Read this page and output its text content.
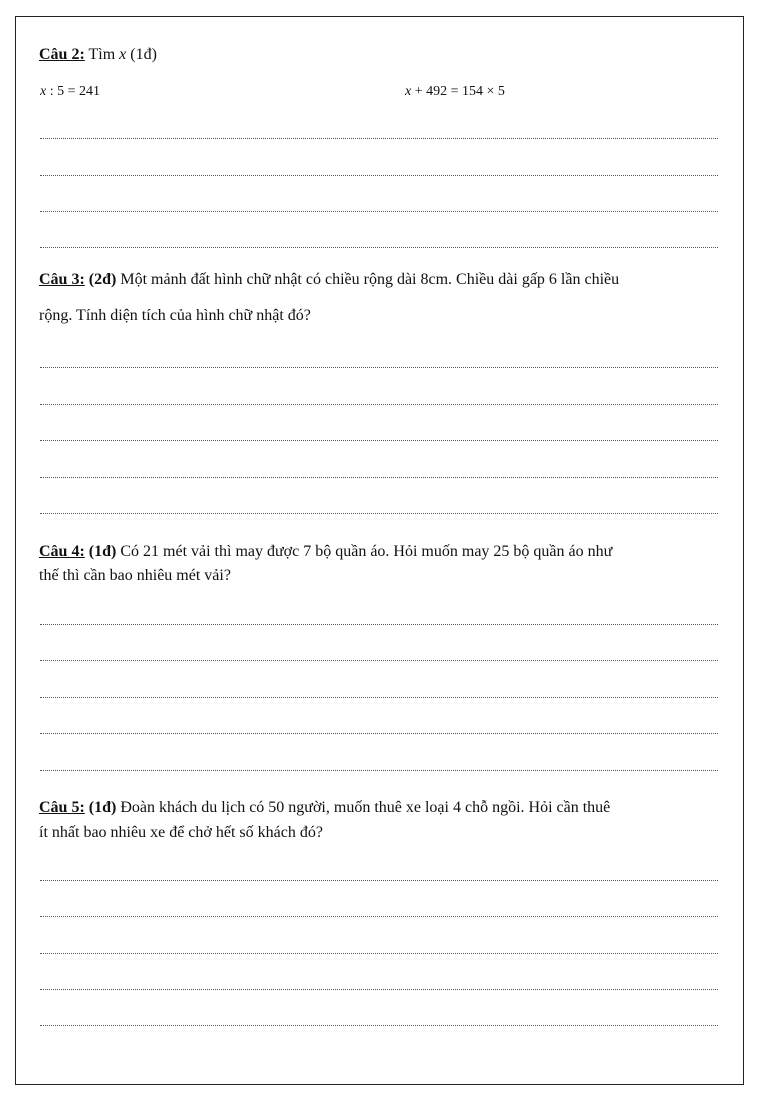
Câu 2: Tìm x (1đ)
x : 5 = 241	x + 492 = 154 × 5
Câu 3: (2đ) Một mảnh đất hình chữ nhật có chiều rộng dài 8cm. Chiều dài gấp 6 lần chiều
rộng. Tính diện tích của hình chữ nhật đó?
Câu 4: (1đ) Có 21 mét vải thì may được 7 bộ quần áo. Hỏi muốn may 25 bộ quần áo như
thế thì cần bao nhiêu mét vải?
Câu 5: (1đ) Đoàn khách du lịch có 50 người, muốn thuê xe loại 4 chỗ ngồi. Hỏi cần thuê
ít nhất bao nhiêu xe để chở hết số khách đó?
